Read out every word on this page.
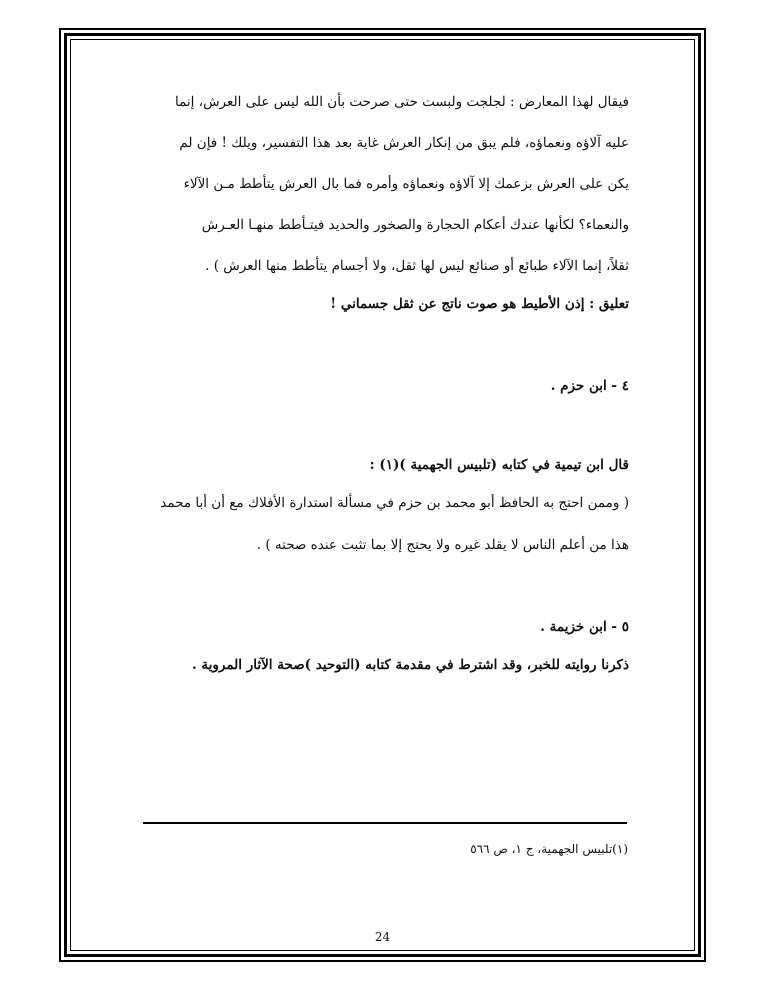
فيقال لهذا المعارض : لجلجت ولبست حتى صرحت بأن الله ليس على العرش، إنما
عليه آلاؤه ونعماؤه، فلم يبق من إنكار العرش غاية بعد هذا التفسير، ويلك ! فإن لم
يكن على العرش بزعمك إلا آلاؤه ونعماؤه وأمره فما بال العرش يتأطط مـن الآلاء
والنعماء؟ لكأنها عندك أعكام الحجارة والصخور والحديد فيتـأطط منهـا العـرش
ثقلاً، إنما الآلاء طبائع أو صنائع ليس لها ثقل، ولا أجسام يتأطط منها العرش ) .
تعليق : إذن الأطيط هو صوت ناتج عن ثقل جسماني !
٤ - ابن حزم .
قال ابن تيمية في كتابه (تلبيس الجهمية )(١) :
( وممن احتج به الحافظ أبو محمد بن حزم في مسألة استدارة الأفلاك مع أن أبا محمد
هذا من أعلم الناس لا يقلد غيره ولا يحتج إلا بما تثبت عنده صحته ) .
٥ - ابن خزيمة .
ذكرنا روايته للخبر، وقد اشترط في مقدمة كتابه (التوحيد )صحة الآثار المروية .
(١)تلبيس الجهمية، ج ١، ص ٥٦٦
24
